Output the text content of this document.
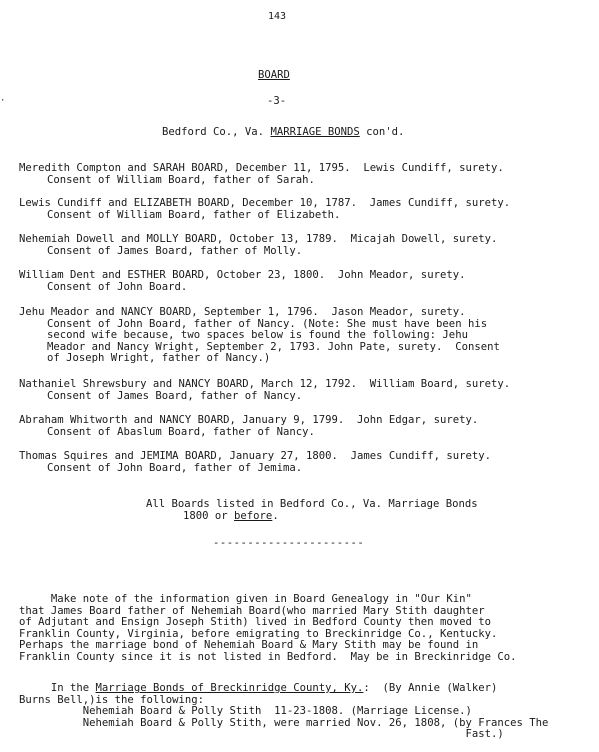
143
BOARD
-3-
·
Bedford Co., Va. MARRIAGE BONDS con'd.
Meredith Compton and SARAH BOARD, December 11, 1795.  Lewis Cundiff, surety.
Consent of William Board, father of Sarah.
Lewis Cundiff and ELIZABETH BOARD, December 10, 1787.  James Cundiff, surety.
Consent of William Board, father of Elizabeth.
Nehemiah Dowell and MOLLY BOARD, October 13, 1789.  Micajah Dowell, surety.
Consent of James Board, father of Molly.
William Dent and ESTHER BOARD, October 23, 1800.  John Meador, surety.
Consent of John Board.
Jehu Meador and NANCY BOARD, September 1, 1796.  Jason Meador, surety.
Consent of John Board, father of Nancy. (Note: She must have been his
second wife because, two spaces below is found the following: Jehu
Meador and Nancy Wright, September 2, 1793. John Pate, surety.  Consent
of Joseph Wright, father of Nancy.)
Nathaniel Shrewsbury and NANCY BOARD, March 12, 1792.  William Board, surety.
Consent of James Board, father of Nancy.
Abraham Whitworth and NANCY BOARD, January 9, 1799.  John Edgar, surety.
Consent of Abaslum Board, father of Nancy.
Thomas Squires and JEMIMA BOARD, January 27, 1800.  James Cundiff, surety.
Consent of John Board, father of Jemima.
All Boards listed in Bedford Co., Va. Marriage Bonds
1800 or before.
----------------------
Make note of the information given in Board Genealogy in "Our Kin"
that James Board father of Nehemiah Board(who married Mary Stith daughter
of Adjutant and Ensign Joseph Stith) lived in Bedford County then moved to
Franklin County, Virginia, before emigrating to Breckinridge Co., Kentucky.
Perhaps the marriage bond of Nehemiah Board & Mary Stith may be found in
Franklin County since it is not listed in Bedford.  May be in Breckinridge Co.
In the Marriage Bonds of Breckinridge County, Ky.:  (By Annie (Walker)
Burns Bell,)is the following:
Nehemiah Board & Polly Stith  11-23-1808. (Marriage License.)
Nehemiah Board & Polly Stith, were married Nov. 26, 1808, (by Frances The
Fast.)
